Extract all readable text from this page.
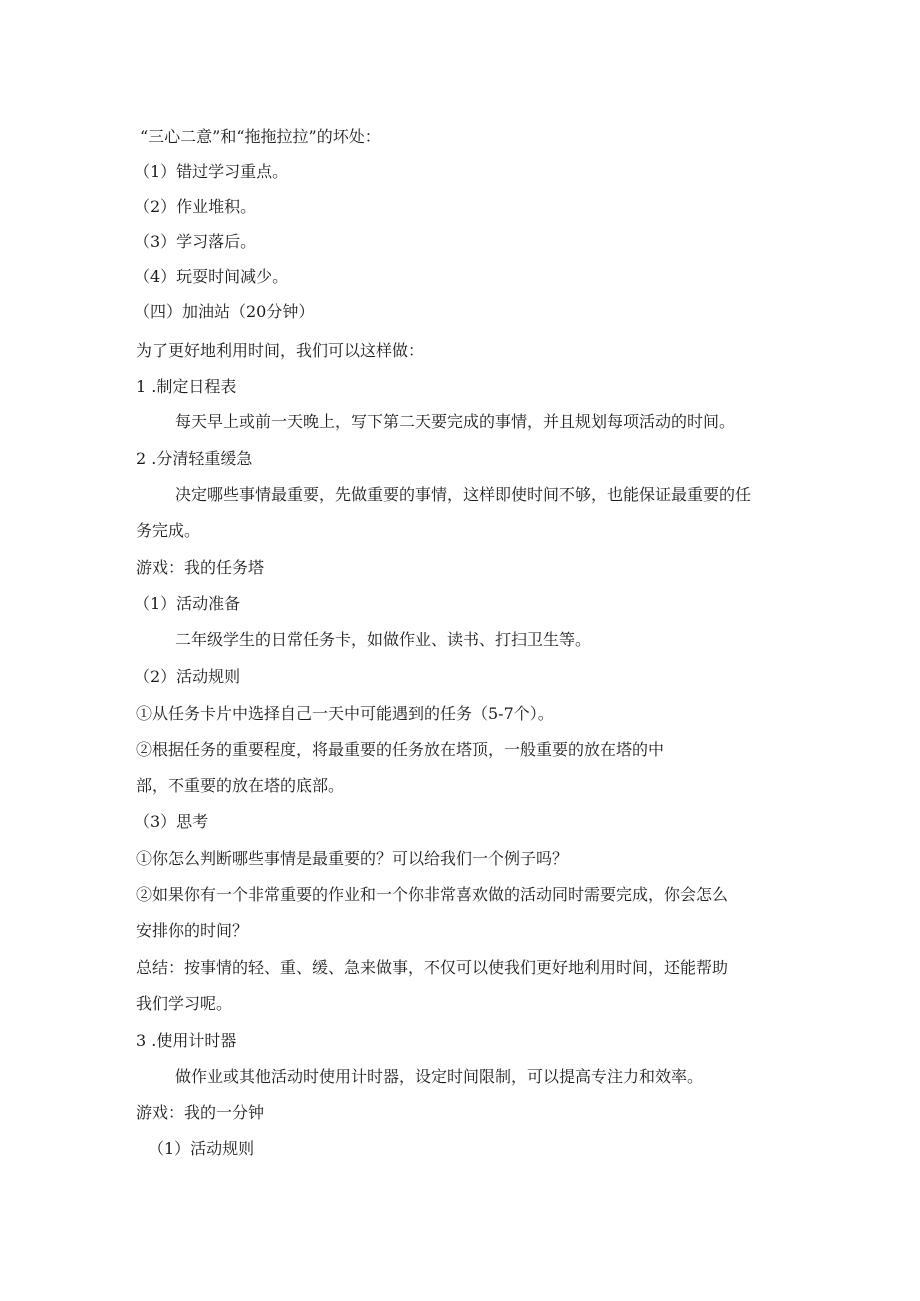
“三心二意”和“拖拖拉拉”的坏处：
（1）错过学习重点。
（2）作业堆积。
（3）学习落后。
（4）玩耍时间减少。
（四）加油站（20分钟）
为了更好地利用时间，我们可以这样做：
1 .制定日程表
每天早上或前一天晚上，写下第二天要完成的事情，并且规划每项活动的时间。
2 .分清轻重缓急
决定哪些事情最重要，先做重要的事情，这样即使时间不够，也能保证最重要的任
务完成。
游戏：我的任务塔
（1）活动准备
二年级学生的日常任务卡，如做作业、读书、打扫卫生等。
（2）活动规则
①从任务卡片中选择自己一天中可能遇到的任务（5-7个）。
②根据任务的重要程度，将最重要的任务放在塔顶，一般重要的放在塔的中
部，不重要的放在塔的底部。
（3）思考
①你怎么判断哪些事情是最重要的？可以给我们一个例子吗？
②如果你有一个非常重要的作业和一个你非常喜欢做的活动同时需要完成，你会怎么
安排你的时间？
总结：按事情的轻、重、缓、急来做事，不仅可以使我们更好地利用时间，还能帮助
我们学习呢。
3 .使用计时器
做作业或其他活动时使用计时器，设定时间限制，可以提高专注力和效率。
游戏：我的一分钟
（1）活动规则
